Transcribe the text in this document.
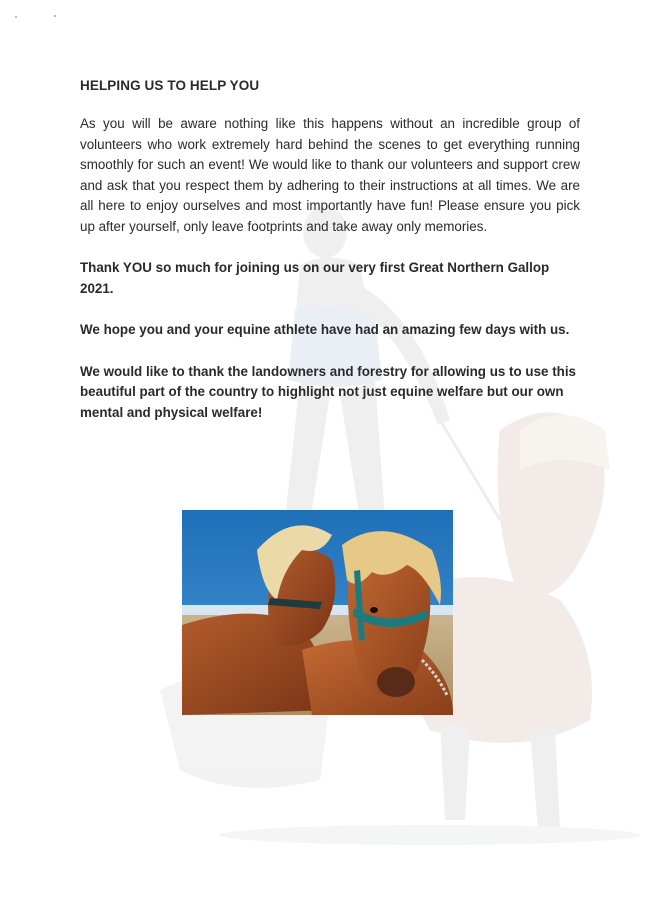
HELPING US TO HELP YOU

As you will be aware nothing like this happens without an incredible group of volunteers who work extremely hard behind the scenes to get everything running smoothly for such an event! We would like to thank our volunteers and support crew and ask that you respect them by adhering to their instructions at all times. We are all here to enjoy ourselves and most importantly have fun! Please ensure you pick up after yourself, only leave footprints and take away only memories.

Thank YOU so much for joining us on our very first Great Northern Gallop 2021.

We hope you and your equine athlete have had an amazing few days with us.

We would like to thank the landowners and forestry for allowing us to use this beautiful part of the country to highlight not just equine welfare but our own mental and physical welfare!
